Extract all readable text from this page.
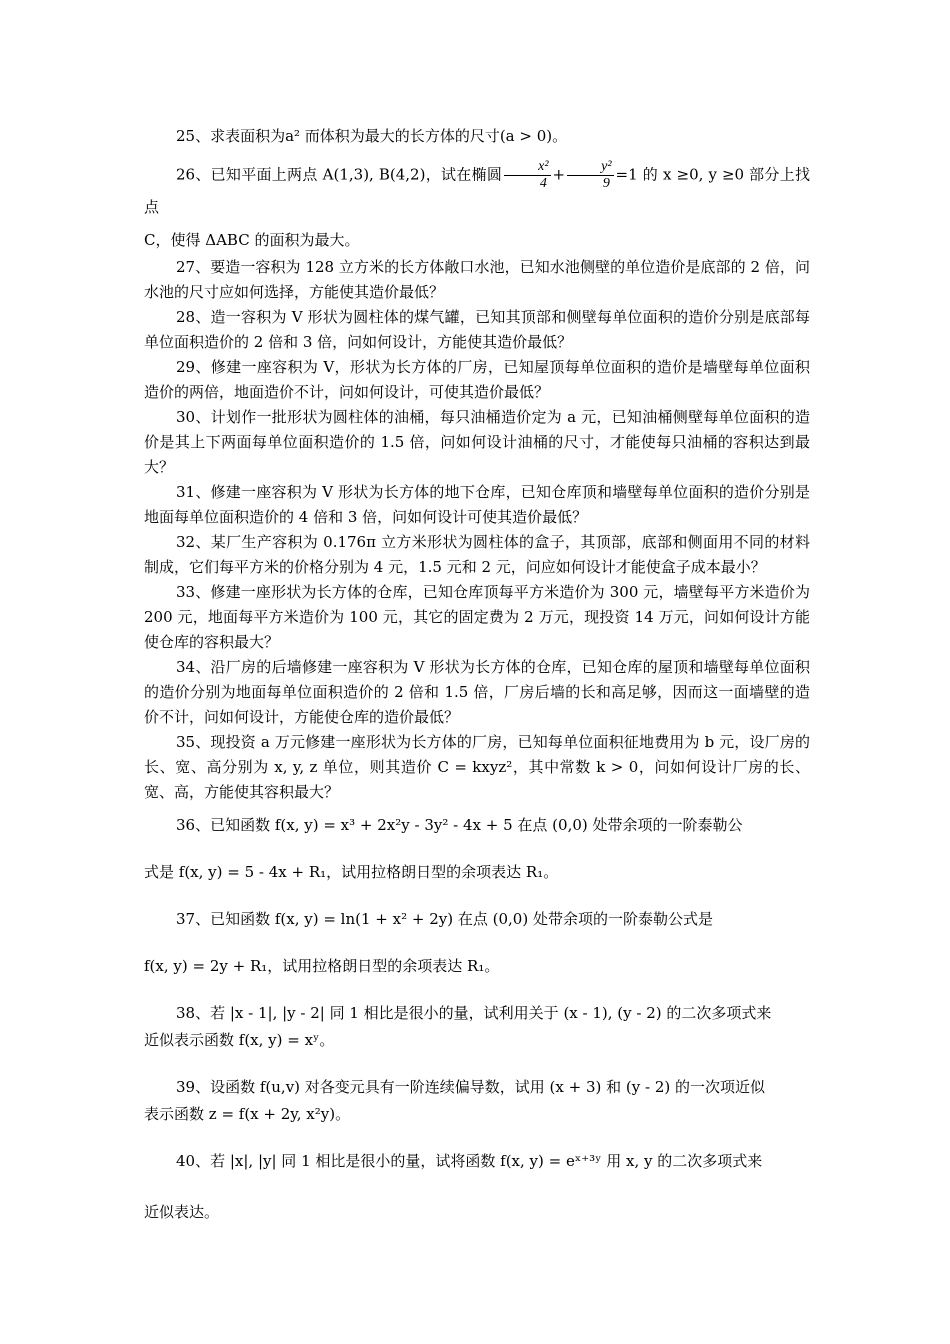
25、求表面积为a² 而体积为最大的长方体的尺寸(a > 0)。

26、已知平面上两点 A(1,3), B(4,2)，试在椭圆 $\frac{\text{x²}}{4} + \frac{\text{y²}}{9} =1$ 的 x ≥0, y ≥0 部分上找点

C，使得 ΔABC 的面积为最大。

27、要造一容积为 128 立方米的长方体敞口水池，已知水池侧壁的单位造价是底部的 2 倍，问水池的尺寸应如何选择，方能使其造价最低？

28、造一容积为 V 形状为圆柱体的煤气罐，已知其顶部和侧壁每单位面积的造价分别是底部每单位面积造价的 2 倍和 3 倍，问如何设计，方能使其造价最低？

29、修建一座容积为 V，形状为长方体的厂房，已知屋顶每单位面积的造价是墙壁每单位面积造价的两倍，地面造价不计，问如何设计，可使其造价最低？

30、计划作一批形状为圆柱体的油桶，每只油桶造价定为 a 元，已知油桶侧壁每单位面积的造价是其上下两面每单位面积造价的 1.5 倍，问如何设计油桶的尺寸，才能使每只油桶的容积达到最大？

31、修建一座容积为 V 形状为长方体的地下仓库，已知仓库顶和墙壁每单位面积的造价分别是地面每单位面积造价的 4 倍和 3 倍，问如何设计可使其造价最低？

32、某厂生产容积为 0.176π 立方米形状为圆柱体的盒子，其顶部，底部和侧面用不同的材料制成，它们每平方米的价格分别为 4 元，1.5 元和 2 元，问应如何设计才能使盒子成本最小？

33、修建一座形状为长方体的仓库，已知仓库顶每平方米造价为 300 元，墙壁每平方米造价为 200 元，地面每平方米造价为 100 元，其它的固定费为 2 万元，现投资 14 万元，问如何设计方能使仓库的容积最大？

34、沿厂房的后墙修建一座容积为 V 形状为长方体的仓库，已知仓库的屋顶和墙壁每单位面积的造价分别为地面每单位面积造价的 2 倍和 1.5 倍，厂房后墙的长和高足够，因而这一面墙壁的造价不计，问如何设计，方能使仓库的造价最低？

35、现投资 a 万元修建一座形状为长方体的厂房，已知每单位面积征地费用为 b 元，设厂房的长、宽、高分别为 x, y, z 单位，则其造价 C = kxyz²，其中常数 k > 0，问如何设计厂房的长、宽、高，方能使其容积最大？

36、已知函数 f(x, y) = x³ + 2x²y - 3y² - 4x + 5 在点 (0,0) 处带余项的一阶泰勒公

式是 f(x, y) = 5 - 4x + R₁，试用拉格朗日型的余项表达 R₁。

37、已知函数 f(x, y) = ln(1 + x² + 2y) 在点 (0,0) 处带余项的一阶泰勒公式是

f(x, y) = 2y + R₁，试用拉格朗日型的余项表达 R₁。

38、若 |x - 1|, |y - 2| 同 1 相比是很小的量，试利用关于 (x - 1), (y - 2) 的二次多项式来

近似表示函数 f(x, y) = xʸ。

39、设函数 f(u,v) 对各变元具有一阶连续偏导数，试用 (x + 3) 和 (y - 2) 的一次项近似

表示函数 z = f(x + 2y, x²y)。

40、若 |x|, |y| 同 1 相比是很小的量，试将函数 f(x, y) = eˣ⁺³ʸ 用 x, y 的二次多项式来

近似表达。
